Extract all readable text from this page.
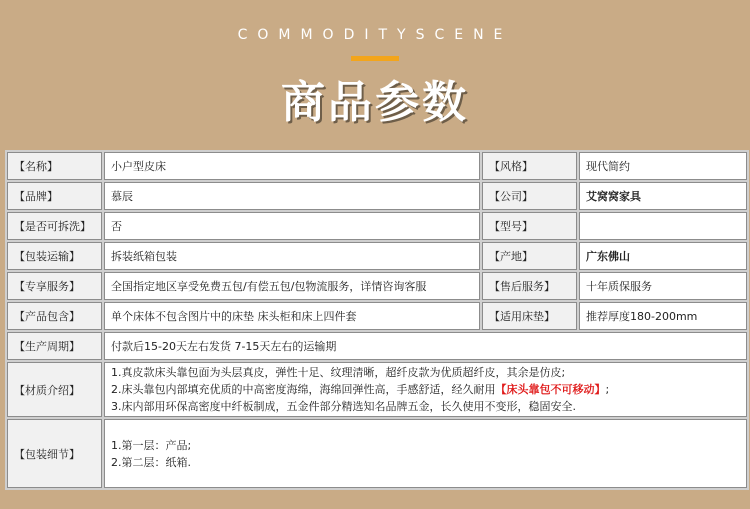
COMMODITYSCENE
商品参数
【名称】	小户型皮床	【风格】	现代简约
【品牌】	慕辰	【公司】	艾窝窝家具
【是否可拆洗】	否	【型号】	
【包装运输】	拆装纸箱包装	【产地】	广东佛山
【专享服务】	全国指定地区享受免费五包/有偿五包/包物流服务，详情咨询客服	【售后服务】	十年质保服务
【产品包含】	单个床体不包含图片中的床垫 床头柜和床上四件套	【适用床垫】	推荐厚度180-200mm
【生产周期】	付款后15-20天左右发货 7-15天左右的运输期		
【材质介绍】	1.真皮款床头靠包面为头层真皮，弹性十足、纹理清晰，超纤皮款为优质超纤皮，其余是仿皮;
2.床头靠包内部填充优质的中高密度海绵，海绵回弹性高，手感舒适，经久耐用【床头靠包不可移动】;
3.床内部用环保高密度中纤板制成，五金件部分精选知名品牌五金，长久使用不变形，稳固安全.		

【包装细节】	1.第一层：产品;
2.第二层：纸箱.		
